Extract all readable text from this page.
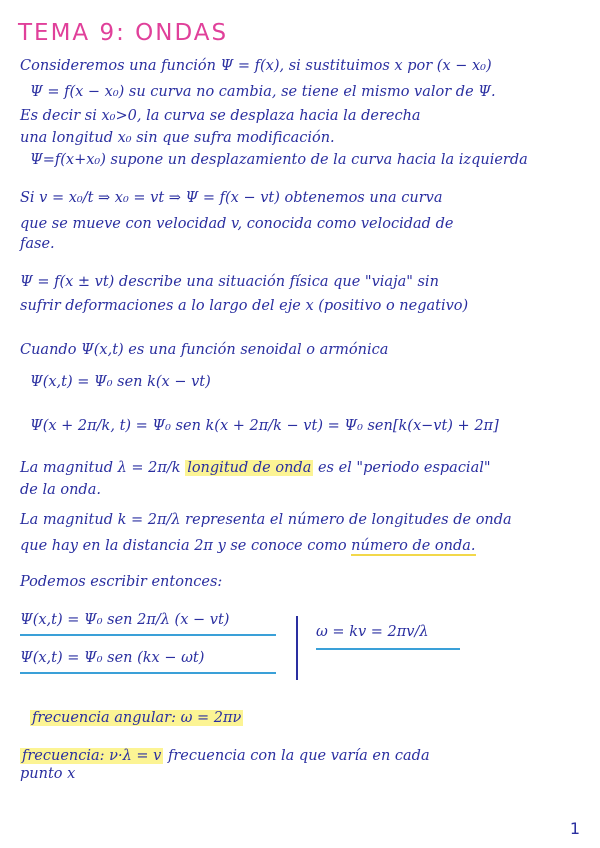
TEMA 9: ONDAS
Consideremos una función Ψ = f(x), si sustituimos x por (x − x₀)
Ψ = f(x − x₀) su curva no cambia, se tiene el mismo valor de Ψ.
Es decir si x₀>0, la curva se desplaza hacia la derecha
una longitud x₀ sin que sufra modificación.
Ψ=f(x+x₀) supone un desplazamiento de la curva hacia la izquierda
Si v = x₀/t ⇒ x₀ = vt ⇒ Ψ = f(x − vt) obtenemos una curva
que se mueve con velocidad v, conocida como velocidad de
fase.
Ψ = f(x ± vt) describe una situación física que "viaja" sin
sufrir deformaciones a lo largo del eje x (positivo o negativo)
Cuando Ψ(x,t) es una función senoidal o armónica
Ψ(x,t) = Ψ₀ sen k(x − vt)
Ψ(x + 2π/k, t) = Ψ₀ sen k(x + 2π/k − vt) = Ψ₀ sen[k(x−vt) + 2π]
La magnitud λ = 2π/k longitud de onda es el "periodo espacial"
de la onda.
La magnitud k = 2π/λ representa el número de longitudes de onda
que hay en la distancia 2π y se conoce como número de onda.
Podemos escribir entonces:
Ψ(x,t) = Ψ₀ sen 2π/λ (x − vt)
Ψ(x,t) = Ψ₀ sen (kx − ωt)
ω = kv = 2πv/λ
frecuencia angular: ω = 2πν
frecuencia: ν·λ = v frecuencia con la que varía en cada
punto x
1
